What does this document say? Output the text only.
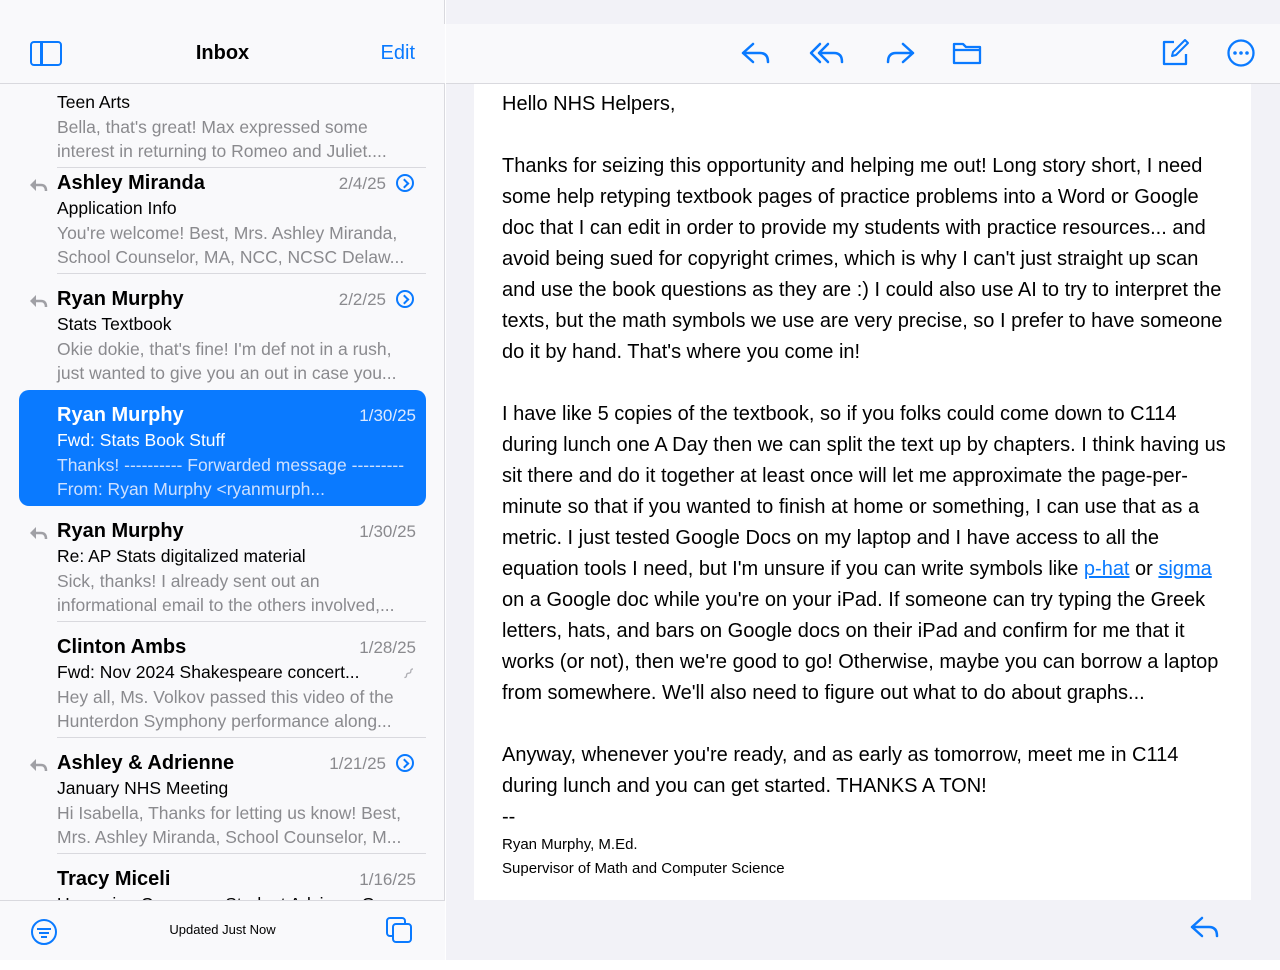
Inbox	Edit
Teen Arts
Bella, that's great! Max expressed some interest in returning to Romeo and Juliet....
Ashley Miranda
Application Info
You're welcome! Best, Mrs. Ashley Miranda, School Counselor, MA, NCC, NCSC Delaw...
2/4/25
Ryan Murphy
Stats Textbook
Okie dokie, that's fine! I'm def not in a rush, just wanted to give you an out in case you...
2/2/25
Ryan Murphy
Fwd: Stats Book Stuff
Thanks! ---------- Forwarded message --------- From: Ryan Murphy <ryanmurph...
1/30/25
Ryan Murphy
Re: AP Stats digitalized material
Sick, thanks! I already sent out an informational email to the others involved,...
1/30/25
Clinton Ambs
Fwd: Nov 2024 Shakespeare concert...
Hey all, Ms. Volkov passed this video of the Hunterdon Symphony performance along...
1/28/25
⌇
Ashley & Adrienne
January NHS Meeting
Hi Isabella, Thanks for letting us know! Best, Mrs. Ashley Miranda, School Counselor, M...
1/21/25
Tracy Miceli	1/16/25
Updated Just Now

Hello NHS Helpers,

Thanks for seizing this opportunity and helping me out! Long story short, I need some help retyping textbook pages of practice problems into a Word or Google doc that I can edit in order to provide my students with practice resources... and avoid being sued for copyright crimes, which is why I can't just straight up scan and use the book questions as they are :) I could also use AI to try to interpret the texts, but the math symbols we use are very precise, so I prefer to have someone do it by hand. That's where you come in!

I have like 5 copies of the textbook, so if you folks could come down to C114 during lunch one A Day then we can split the text up by chapters. I think having us sit there and do it together at least once will let me approximate the page-per-minute so that if you wanted to finish at home or something, I can use that as a metric. I just tested Google Docs on my laptop and I have access to all the equation tools I need, but I'm unsure if you can write symbols like p-hat or sigma on a Google doc while you're on your iPad. If someone can try typing the Greek letters, hats, and bars on Google docs on their iPad and confirm for me that it works (or not), then we're good to go! Otherwise, maybe you can borrow a laptop from somewhere. We'll also need to figure out what to do about graphs...

Anyway, whenever you're ready, and as early as tomorrow, meet me in C114 during lunch and you can get started. THANKS A TON!

--

Ryan Murphy, M.Ed.

Supervisor of Math and Computer Science
